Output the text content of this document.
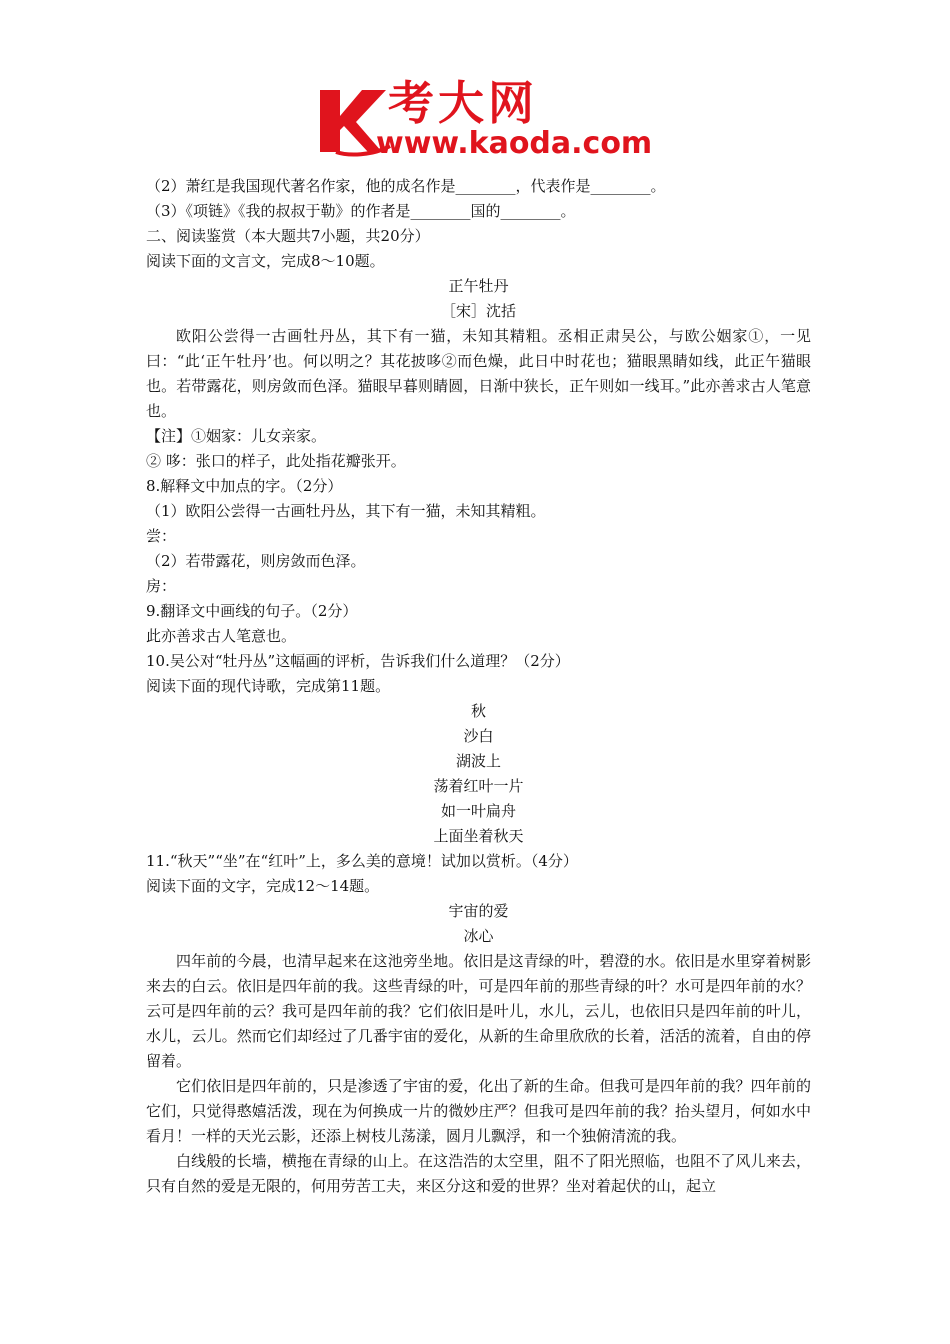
考大网
www.kaoda.com

（2）萧红是我国现代著名作家，他的成名作是________，代表作是________。

（3）《项链》《我的叔叔于勒》的作者是________国的________。

二、阅读鉴赏（本大题共7小题，共20分）

阅读下面的文言文，完成8～10题。

正午牡丹

［宋］沈括

欧阳公尝得一古画牡丹丛，其下有一猫，未知其精粗。丞相正肃吴公，与欧公姻家①，一见曰：“此‘正午牡丹’也。何以明之？其花披哆②而色燥，此日中时花也；猫眼黑睛如线，此正午猫眼也。若带露花，则房敛而色泽。猫眼早暮则睛圆，日渐中狭长，正午则如一线耳。”此亦善求古人笔意也。

【注】①姻家：儿女亲家。

② 哆：张口的样子，此处指花瓣张开。

8.解释文中加点的字。（2分）

（1）欧阳公尝得一古画牡丹丛，其下有一猫，未知其精粗。

尝：

（2）若带露花，则房敛而色泽。

房：

9.翻译文中画线的句子。（2分）

此亦善求古人笔意也。

10.吴公对“牡丹丛”这幅画的评析，告诉我们什么道理？（2分）

阅读下面的现代诗歌，完成第11题。

秋

沙白

湖波上

荡着红叶一片

如一叶扁舟

上面坐着秋天

11.“秋天”“坐”在“红叶”上，多么美的意境！试加以赏析。（4分）

阅读下面的文字，完成12～14题。

宇宙的爱

冰心

四年前的今晨，也清早起来在这池旁坐地。依旧是这青绿的叶，碧澄的水。依旧是水里穿着树影来去的白云。依旧是四年前的我。这些青绿的叶，可是四年前的那些青绿的叶？水可是四年前的水？云可是四年前的云？我可是四年前的我？它们依旧是叶儿，水儿，云儿，也依旧只是四年前的叶儿，水儿，云儿。然而它们却经过了几番宇宙的爱化，从新的生命里欣欣的长着，活活的流着，自由的停留着。

它们依旧是四年前的，只是渗透了宇宙的爱，化出了新的生命。但我可是四年前的我？四年前的它们，只觉得憨嬉活泼，现在为何换成一片的微妙庄严？但我可是四年前的我？抬头望月，何如水中看月！一样的天光云影，还添上树枝儿荡漾，圆月儿飘浮，和一个独俯清流的我。

白线般的长墙，横拖在青绿的山上。在这浩浩的太空里，阻不了阳光照临，也阻不了风儿来去，只有自然的爱是无限的，何用劳苦工夫，来区分这和爱的世界？坐对着起伏的山，起立
